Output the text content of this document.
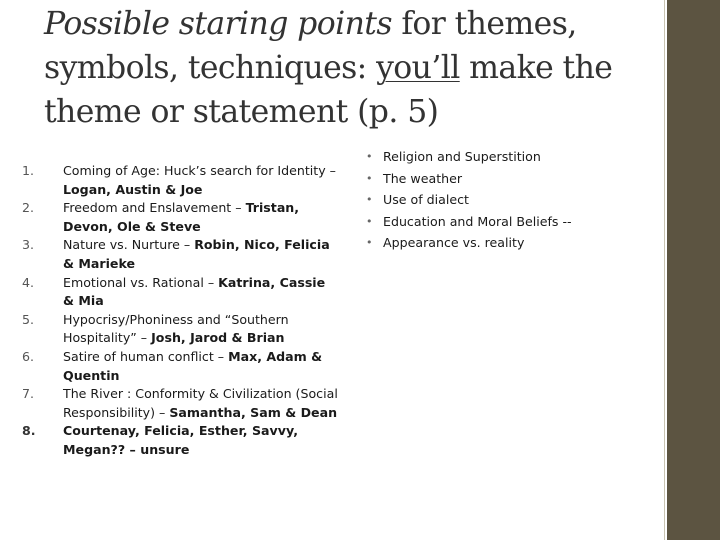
Possible staring points for themes, symbols, techniques: you’ll make the theme or statement (p. 5)
1. Coming of Age: Huck’s search for Identity – Logan, Austin & Joe
2. Freedom and Enslavement – Tristan, Devon, Ole & Steve
3. Nature vs. Nurture – Robin, Nico, Felicia & Marieke
4. Emotional vs. Rational – Katrina, Cassie & Mia
5. Hypocrisy/Phoniness and “Southern Hospitality” – Josh, Jarod & Brian
6. Satire of human conflict – Max, Adam & Quentin
7. The River : Conformity & Civilization (Social Responsibility) – Samantha, Sam & Dean
8. Courtenay, Felicia, Esther, Savvy, Megan?? – unsure
• Religion and Superstition
• The weather
• Use of dialect
• Education and Moral Beliefs --
• Appearance vs. reality
